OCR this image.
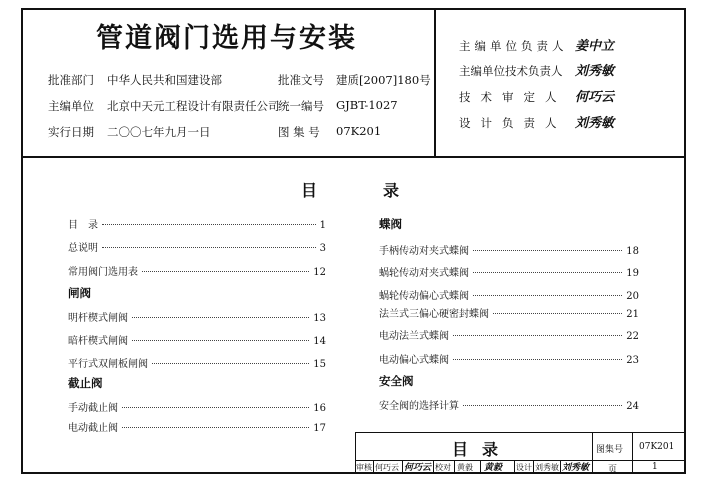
管道阀门选用与安装
批准部门 中华人民共和国建设部	批准文号 建质[2007]180号
主编单位 北京中天元工程设计有限责任公司
统一编号 GJBT-1027
实行日期 二〇〇七年九月一日	图 集 号 07K201
主编单位负责人 姜中立
主编单位技术负责人 刘秀敏
技术审定人 何巧云
设计负责人 刘秀敏
目	录
目　录	1
总说明	3
常用阀门选用表	12
闸阀
明杆楔式闸阀	13
暗杆楔式闸阀	14
平行式双闸板闸阀	15
截止阀
手动截止阀	16
电动截止阀	17
蝶阀
手柄传动对夹式蝶阀	18
蜗轮传动对夹式蝶阀	19
蜗轮传动偏心式蝶阀	20
法兰式三偏心硬密封蝶阀	21
电动法兰式蝶阀	22
电动偏心式蝶阀	23
安全阀
安全阀的选择计算	24
目录	图集号 07K201
审核 何巧云 何巧云 校对 黄毅 黄毅 设计 刘秀敏 刘秀敏 页	1
